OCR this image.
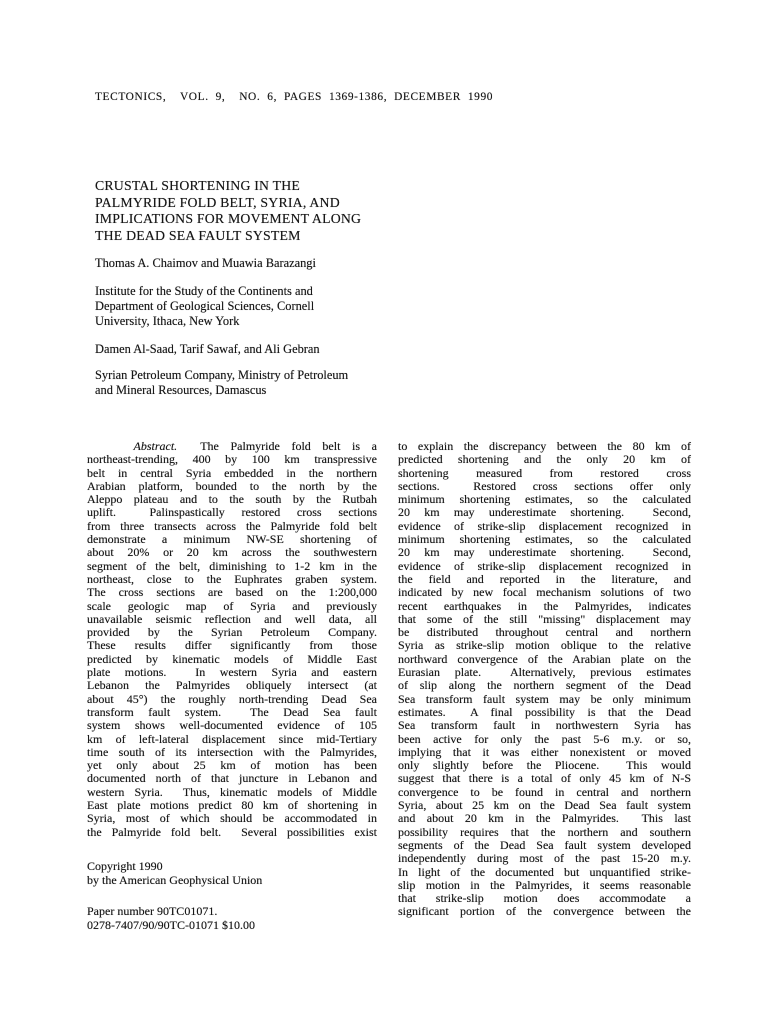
TECTONICS,  VOL. 9,  NO. 6, PAGES 1369-1386, DECEMBER 1990
CRUSTAL SHORTENING IN THE
PALMYRIDE FOLD BELT, SYRIA, AND
IMPLICATIONS FOR MOVEMENT ALONG
THE DEAD SEA FAULT SYSTEM
Thomas A. Chaimov and Muawia Barazangi
Institute for the Study of the Continents and
Department of Geological Sciences, Cornell
University, Ithaca, New York
Damen Al-Saad, Tarif Sawaf, and Ali Gebran
Syrian Petroleum Company, Ministry of Petroleum
and Mineral Resources, Damascus
Abstract.  The Palmyride fold belt is a
northeast-trending, 400 by 100 km transpressive
belt in central Syria embedded in the northern
Arabian platform, bounded to the north by the
Aleppo plateau and to the south by the Rutbah
uplift.  Palinspastically restored cross sections
from three transects across the Palmyride fold belt
demonstrate a minimum NW-SE shortening of
about 20% or 20 km across the southwestern
segment of the belt, diminishing to 1-2 km in the
northeast, close to the Euphrates graben system.
The cross sections are based on the 1:200,000
scale geologic map of Syria and previously
unavailable seismic reflection and well data, all
provided by the Syrian Petroleum Company.
These results differ significantly from those
predicted by kinematic models of Middle East
plate motions.  In western Syria and eastern
Lebanon the Palmyrides obliquely intersect (at
about 45°) the roughly north-trending Dead Sea
transform fault system.  The Dead Sea fault
system shows well-documented evidence of 105
km of left-lateral displacement since mid-Tertiary
time south of its intersection with the Palmyrides,
yet only about 25 km of motion has been
documented north of that juncture in Lebanon and
western Syria.  Thus, kinematic models of Middle
East plate motions predict 80 km of shortening in
Syria, most of which should be accommodated in
the Palmyride fold belt.  Several possibilities exist
to explain the discrepancy between the 80 km of
predicted shortening and the only 20 km of
shortening measured from restored cross
sections.  Restored cross sections offer only
minimum shortening estimates, so the calculated
20 km may underestimate shortening.  Second,
evidence of strike-slip displacement recognized in
minimum shortening estimates, so the calculated
20 km may underestimate shortening.  Second,
evidence of strike-slip displacement recognized in
the field and reported in the literature, and
indicated by new focal mechanism solutions of two
recent earthquakes in the Palmyrides, indicates
that some of the still "missing" displacement may
be distributed throughout central and northern
Syria as strike-slip motion oblique to the relative
northward convergence of the Arabian plate on the
Eurasian plate.  Alternatively, previous estimates
of slip along the northern segment of the Dead
Sea transform fault system may be only minimum
estimates.  A final possibility is that the Dead
Sea transform fault in northwestern Syria has
been active for only the past 5-6 m.y. or so,
implying that it was either nonexistent or moved
only slightly before the Pliocene.  This would
suggest that there is a total of only 45 km of N-S
convergence to be found in central and northern
Syria, about 25 km on the Dead Sea fault system
and about 20 km in the Palmyrides.  This last
possibility requires that the northern and southern
segments of the Dead Sea fault system developed
independently during most of the past 15-20 m.y.
In light of the documented but unquantified strike-
slip motion in the Palmyrides, it seems reasonable
that strike-slip motion does accommodate a
significant portion of the convergence between the
Copyright 1990
by the American Geophysical Union
Paper number 90TC01071.
0278-7407/90/90TC-01071 $10.00
